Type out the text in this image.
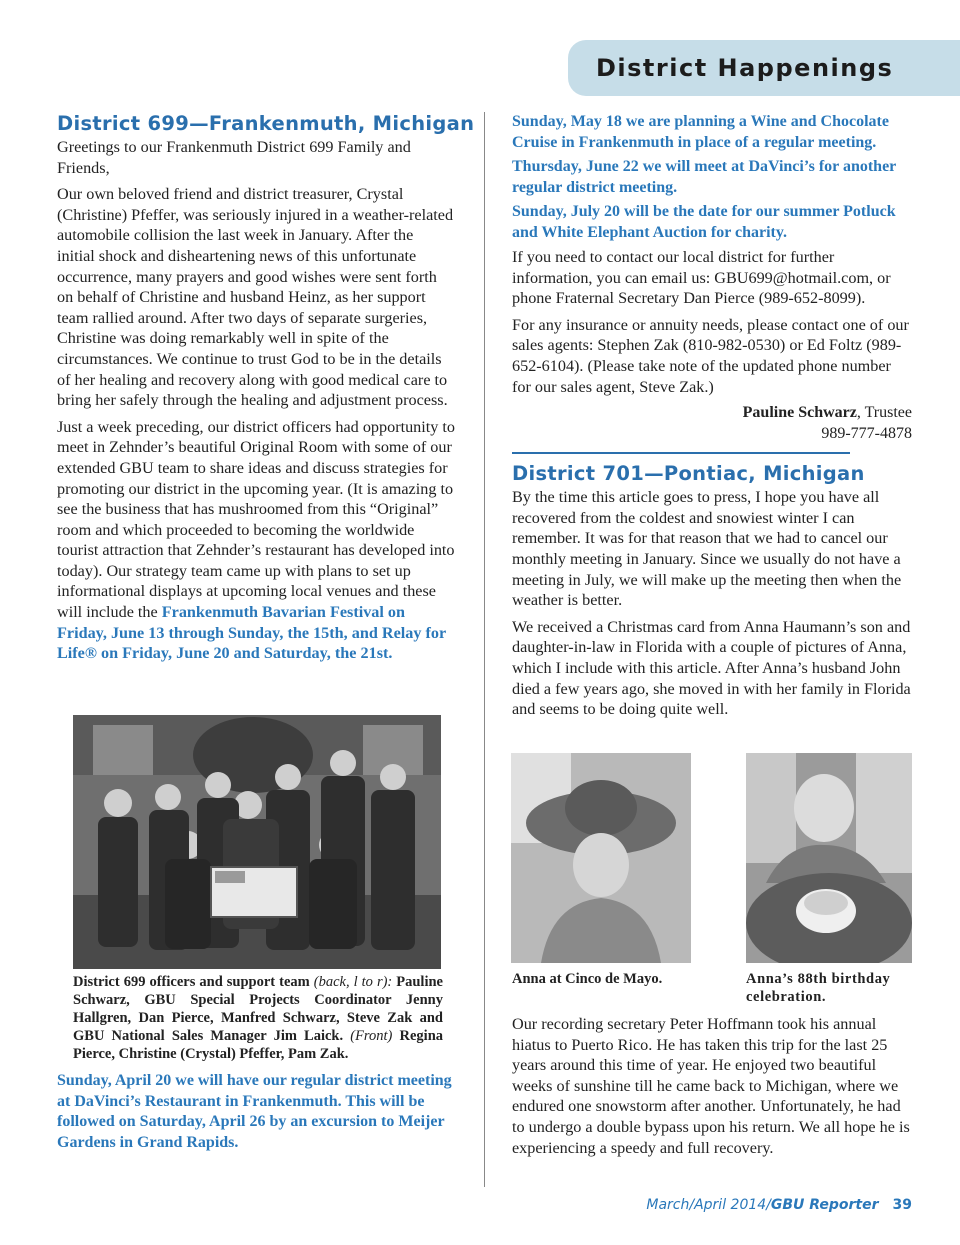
District Happenings
District 699—Frankenmuth, Michigan

Greetings to our Frankenmuth District 699 Family and Friends,

Our own beloved friend and district treasurer, Crystal (Christine) Pfeffer, was seriously injured in a weather-related automobile collision the last week in January. After the initial shock and disheartening news of this unfortunate occurrence, many prayers and good wishes were sent forth on behalf of Christine and husband Heinz, as her support team rallied around. After two days of separate surgeries, Christine was doing remarkably well in spite of the circumstances. We continue to trust God to be in the details of her healing and recovery along with good medical care to bring her safely through the healing and adjustment process.

Just a week preceding, our district officers had opportunity to meet in Zehnder’s beautiful Original Room with some of our extended GBU team to share ideas and discuss strategies for promoting our district in the upcoming year. (It is amazing to see the business that has mushroomed from this “Original” room and which proceeded to becoming the worldwide tourist attraction that Zehnder’s restaurant has developed into today). Our strategy team came up with plans to set up informational displays at upcoming local venues and these will include the Frankenmuth Bavarian Festival on Friday, June 13 through Sunday, the 15th, and Relay for Life® on Friday, June 20 and Saturday, the 21st.

District 699 officers and support team (back, l to r): Pauline Schwarz, GBU Special Projects Coordinator Jenny Hallgren, Dan Pierce, Manfred Schwarz, Steve Zak and GBU National Sales Manager Jim Laick. (Front) Regina Pierce, Christine (Crystal) Pfeffer, Pam Zak.

Sunday, April 20 we will have our regular district meeting at DaVinci’s Restaurant in Frankenmuth. This will be followed on Saturday, April 26 by an excursion to Meijer Gardens in Grand Rapids.

Sunday, May 18 we are planning a Wine and Chocolate Cruise in Frankenmuth in place of a regular meeting.

Thursday, June 22 we will meet at DaVinci’s for another regular district meeting.

Sunday, July 20 will be the date for our summer Potluck and White Elephant Auction for charity.

If you need to contact our local district for further information, you can email us: GBU699@hotmail.com, or phone Fraternal Secretary Dan Pierce (989-652-8099).

For any insurance or annuity needs, please contact one of our sales agents: Stephen Zak (810-982-0530) or Ed Foltz (989-652-6104). (Please take note of the updated phone number for our sales agent, Steve Zak.)

Pauline Schwarz, Trustee

989-777-4878

District 701—Pontiac, Michigan

By the time this article goes to press, I hope you have all recovered from the coldest and snowiest winter I can remember. It was for that reason that we had to cancel our monthly meeting in January. Since we usually do not have a meeting in July, we will make up the meeting then when the weather is better.

We received a Christmas card from Anna Haumann’s son and daughter-in-law in Florida with a couple of pictures of Anna, which I include with this article. After Anna’s husband John died a few years ago, she moved in with her family in Florida and seems to be doing quite well.

Anna at Cinco de Mayo.	Anna’s 88th birthday celebration.

Our recording secretary Peter Hoffmann took his annual hiatus to Puerto Rico. He has taken this trip for the last 25 years around this time of year. He enjoyed two beautiful weeks of sunshine till he came back to Michigan, where we endured one snowstorm after another. Unfortunately, he had to undergo a double bypass upon his return. We all hope he is experiencing a speedy and full recovery.

March/April 2014/GBU Reporter 39
